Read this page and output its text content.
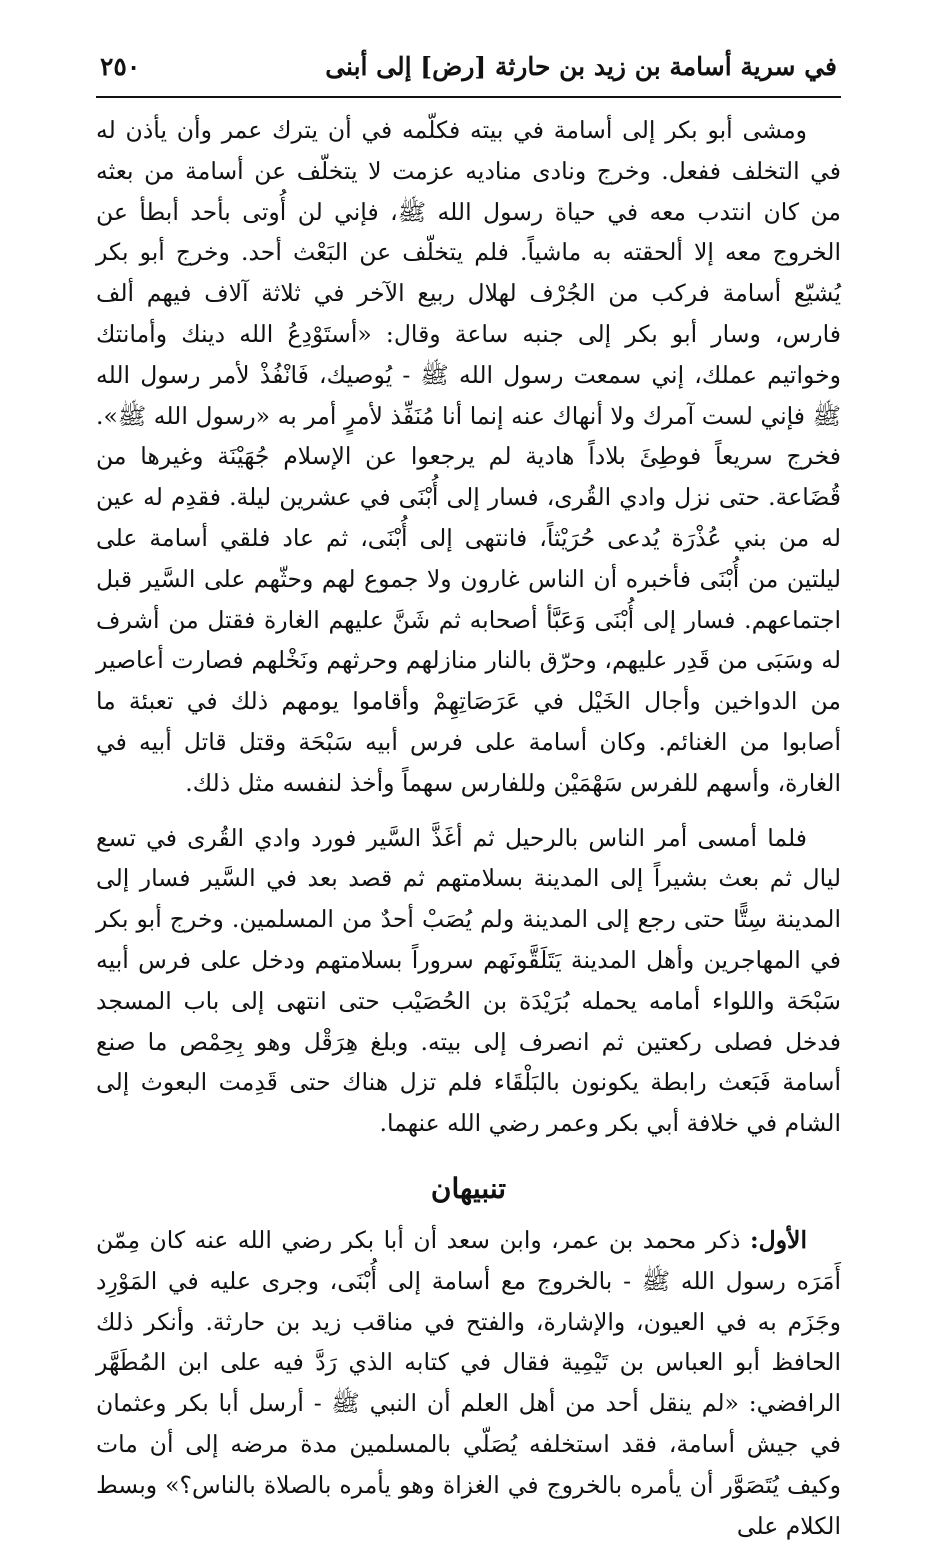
في سرية أسامة بن زيد بن حارثة [رض] إلى أبنى
٢٥٠

ومشى أبو بكر إلى أسامة في بيته فكلّمه في أن يترك عمر وأن يأذن له في التخلف ففعل. وخرج ونادى مناديه عزمت لا يتخلّف عن أسامة من بعثه من كان انتدب معه في حياة رسول الله ﷺ، فإني لن أُوتى بأحد أبطأ عن الخروج معه إلا ألحقته به ماشياً. فلم يتخلّف عن البَعْث أحد. وخرج أبو بكر يُشيّع أسامة فركب من الجُرْف لهلال ربيع الآخر في ثلاثة آلاف فيهم ألف فارس، وسار أبو بكر إلى جنبه ساعة وقال: «أستَوْدِعُ الله دينك وأمانتك وخواتيم عملك، إني سمعت رسول الله ﷺ - يُوصيك، فَانْفُذْ لأمر رسول الله ﷺ فإني لست آمرك ولا أنهاك عنه إنما أنا مُنَفِّذ لأمرٍ أمر به «رسول الله ﷺ». فخرج سريعاً فوطِئَ بلاداً هادية لم يرجعوا عن الإسلام جُهَيْنَة وغيرها من قُضَاعة. حتى نزل وادي القُرى، فسار إلى أُبْنَى في عشرين ليلة. فقدِم له عين له من بني عُذْرَة يُدعى حُرَيْثاً، فانتهى إلى أُبْنَى، ثم عاد فلقي أسامة على ليلتين من أُبْنَى فأخبره أن الناس غارون ولا جموع لهم وحثّهم على السَّير قبل اجتماعهم. فسار إلى أُبْنَى وَعَبَّأ أصحابه ثم شَنَّ عليهم الغارة فقتل من أشرف له وسَبَى من قَدِر عليهم، وحرّق بالنار منازلهم وحرثهم ونَخْلهم فصارت أعاصير من الدواخين وأجال الخَيْل في عَرَصَاتِهِمْ وأقاموا يومهم ذلك في تعبئة ما أصابوا من الغنائم. وكان أسامة على فرس أبيه سَبْحَة وقتل قاتل أبيه في الغارة، وأسهم للفرس سَهْمَيْن وللفارس سهماً وأخذ لنفسه مثل ذلك.

فلما أمسى أمر الناس بالرحيل ثم أغَذَّ السَّير فورد وادي القُرى في تسع ليال ثم بعث بشيراً إلى المدينة بسلامتهم ثم قصد بعد في السَّير فسار إلى المدينة سِتًّا حتى رجع إلى المدينة ولم يُصَبْ أحدٌ من المسلمين. وخرج أبو بكر في المهاجرين وأهل المدينة يَتَلَقَّونَهم سروراً بسلامتهم ودخل على فرس أبيه سَبْحَة واللواء أمامه يحمله بُرَيْدَة بن الحُصَيْب حتى انتهى إلى باب المسجد فدخل فصلى ركعتين ثم انصرف إلى بيته. وبلغ هِرَقْل وهو بِحِمْص ما صنع أسامة فَبَعث رابطة يكونون بالبَلْقَاء فلم تزل هناك حتى قَدِمت البعوث إلى الشام في خلافة أبي بكر وعمر رضي الله عنهما.

تنبيهان

الأول: ذكر محمد بن عمر، وابن سعد أن أبا بكر رضي الله عنه كان مِمّن أَمَرَه رسول الله ﷺ - بالخروج مع أسامة إلى أُبْنَى، وجرى عليه في المَوْرِد وجَزَم به في العيون، والإشارة، والفتح في مناقب زيد بن حارثة. وأنكر ذلك الحافظ أبو العباس بن تَيْمِية فقال في كتابه الذي رَدَّ فيه على ابن المُطَهَّر الرافضي: «لم ينقل أحد من أهل العلم أن النبي ﷺ - أرسل أبا بكر وعثمان في جيش أسامة، فقد استخلفه يُصَلّي بالمسلمين مدة مرضه إلى أن مات وكيف يُتَصَوَّر أن يأمره بالخروج في الغزاة وهو يأمره بالصلاة بالناس؟» وبسط الكلام على
